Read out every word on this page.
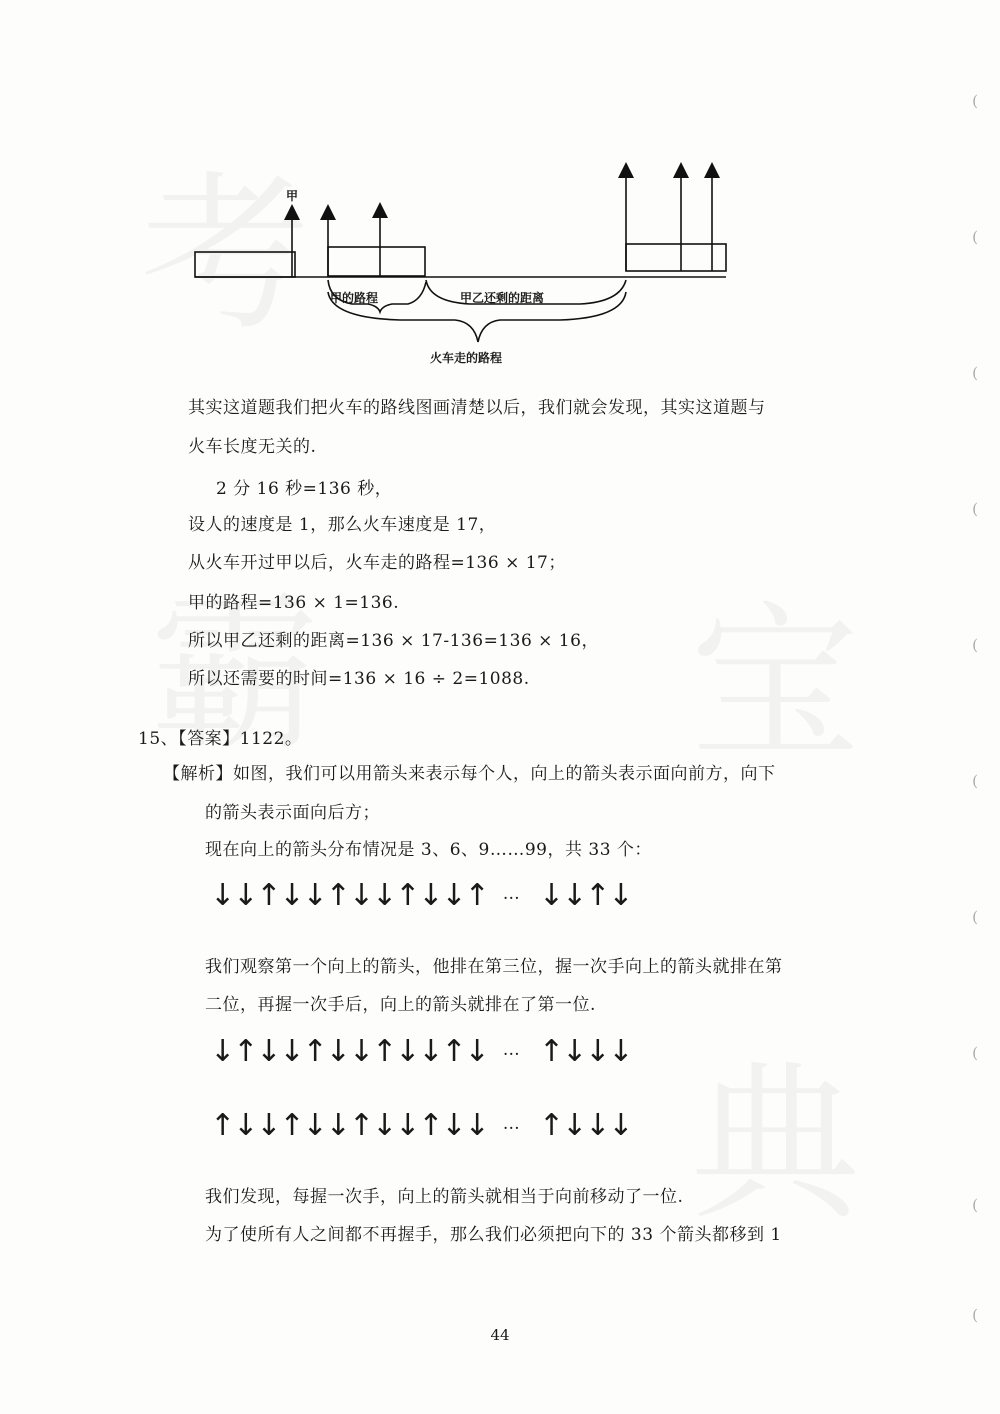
(
(
(
(
(
(
(
(
(
(
甲
甲的路程	甲乙还剩的距离
火车走的路程
其实这道题我们把火车的路线图画清楚以后，我们就会发现，其实这道题与
火车长度无关的.
2 分 16 秒=136 秒，
设人的速度是 1，那么火车速度是 17，
从火车开过甲以后，火车走的路程=136 × 17；
甲的路程=136 × 1=136.
所以甲乙还剩的距离=136 × 17-136=136 × 16，
所以还需要的时间=136 × 16 ÷ 2=1088.
15、【答案】1122。
【解析】如图，我们可以用箭头来表示每个人，向上的箭头表示面向前方，向下
的箭头表示面向后方；
现在向上的箭头分布情况是 3、6、9……99，共 33 个：
↓↓↑↓↓↑↓↓↑↓↓↑ … ↓↓↑↓
我们观察第一个向上的箭头，他排在第三位，握一次手向上的箭头就排在第
二位，再握一次手后，向上的箭头就排在了第一位.
↓↑↓↓↑↓↓↑↓↓↑↓ … ↑↓↓↓
↑↓↓↑↓↓↑↓↓↑↓↓ … ↑↓↓↓
我们发现，每握一次手，向上的箭头就相当于向前移动了一位.
为了使所有人之间都不再握手，那么我们必须把向下的 33 个箭头都移到 1
44
